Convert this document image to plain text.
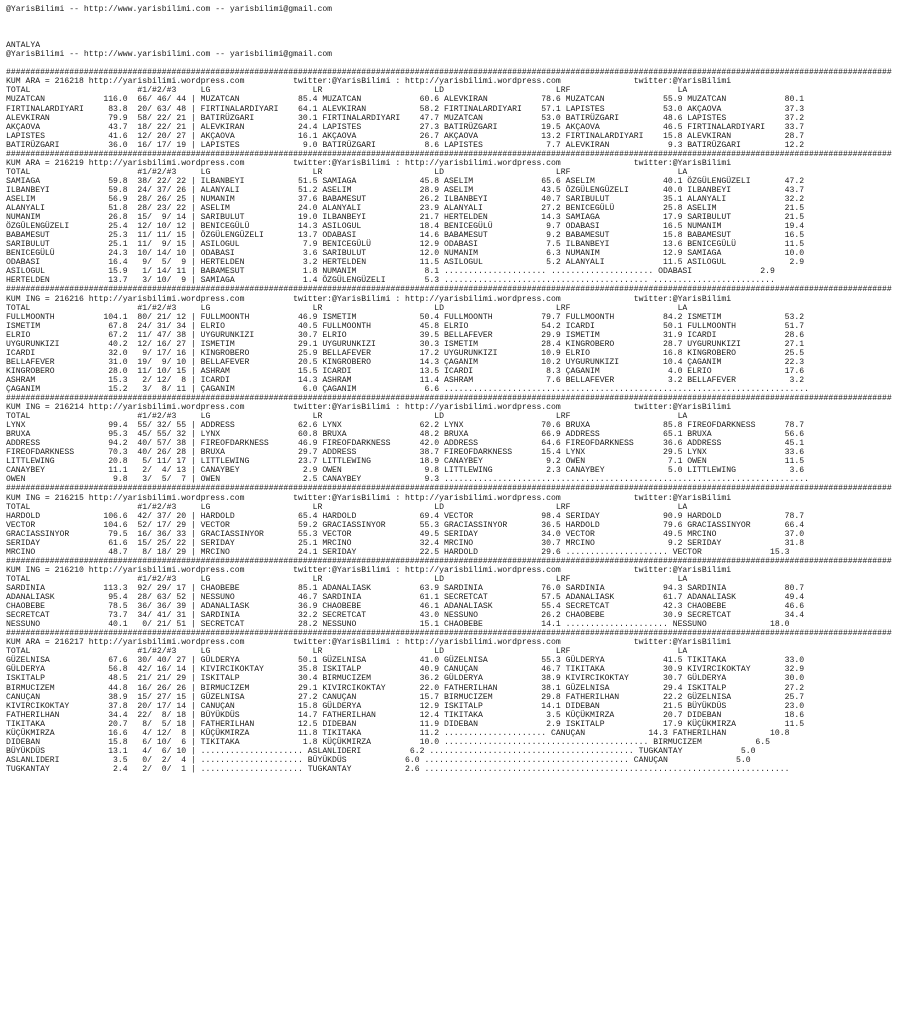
@YarisBilimi -- http://www.yarisbilimi.com -- yarisbilimi@gmail.com

ANTALYA
@YarisBilimi -- http://www.yarisbilimi.com -- yarisbilimi@gmail.com

######################################################################################################################################################################################
KUM ARA = 216218 http://yarisbilimi.wordpress.com          twitter:@YarisBilimi : http://yarisbilimi.wordpress.com               twitter:@YarisBilimi
TOTAL                      #1/#2/#3     LG                     LR                       LD                       LRF                      LA
MUZATCAN            116.0  66/ 46/ 44 | MUZATCAN            85.4 MUZATCAN            60.6 ALEVKIRAN           78.6 MUZATCAN            55.9 MUZATCAN            80.1
FIRTINALARDIYARI     83.8  20/ 63/ 48 | FIRTINALARDIYARI    64.1 ALEVKIRAN           58.2 FIRTINALARDIYARI    57.1 LAPISTES            53.0 AKÇAOVA             37.3
ALEVKIRAN            79.9  58/ 22/ 21 | BATIRÜZGARI         30.1 FIRTINALARDIYARI    47.7 MUZATCAN            53.0 BATIRÜZGARI         48.6 LAPISTES            37.2
AKÇAOVA              43.7  18/ 22/ 21 | ALEVKIRAN           24.4 LAPISTES            27.3 BATIRÜZGARI         19.5 AKÇAOVA             46.5 FIRTINALARDIYARI    33.7
LAPISTES             41.6  12/ 20/ 27 | AKÇAOVA             16.1 AKÇAOVA             26.7 AKÇAOVA             13.2 FIRTINALARDIYARI    15.8 ALEVKIRAN           28.7
BATIRÜZGARI          36.0  16/ 17/ 19 | LAPISTES             9.0 BATIRÜZGARI          8.6 LAPISTES             7.7 ALEVKIRAN            9.3 BATIRÜZGARI         12.2
######################################################################################################################################################################################
KUM ARA = 216219 http://yarisbilimi.wordpress.com          twitter:@YarisBilimi : http://yarisbilimi.wordpress.com               twitter:@YarisBilimi
TOTAL                      #1/#2/#3     LG                     LR                       LD                       LRF                      LA
SAMIAGA              59.8  38/ 22/ 22 | ILBANBEYI           51.5 SAMIAGA             45.8 ASELIM              65.6 ASELIM              40.1 ÖZGÜLENGÜZELI       47.2
ILBANBEYI            59.8  24/ 37/ 26 | ALANYALI            51.2 ASELIM              28.9 ASELIM              43.5 ÖZGÜLENGÜZELI       40.0 ILBANBEYI           43.7
ASELIM               56.9  28/ 26/ 25 | NUMANIM             37.6 BABAMESUT           26.2 ILBANBEYI           40.7 SARIBULUT           35.1 ALANYALI            32.2
ALANYALI             51.8  28/ 23/ 22 | ASELIM              24.0 ALANYALI            23.9 ALANYALI            27.2 BENICEGÜLÜ          25.8 ASELIM              21.5
NUMANIM              26.8  15/  9/ 14 | SARIBULUT           19.0 ILBANBEYI           21.7 HERTELDEN           14.3 SAMIAGA             17.9 SARIBULUT           21.5
ÖZGÜLENGÜZELI        25.4  12/ 10/ 12 | BENICEGÜLÜ          14.3 ASILOGUL            18.4 BENICEGÜLÜ           9.7 ODABASI             16.5 NUMANIM             19.4
BABAMESUT            25.3  11/ 11/ 15 | ÖZGÜLENGÜZELI       13.7 ODABASI             14.6 BABAMESUT            9.2 BABAMESUT           15.8 BABAMESUT           16.5
SARIBULUT            25.1  11/  9/ 15 | ASILOGUL             7.9 BENICEGÜLÜ          12.9 ODABASI              7.5 ILBANBEYI           13.6 BENICEGÜLÜ          11.5
BENICEGÜLÜ           24.3  10/ 14/ 10 | ODABASI              3.6 SARIBULUT           12.0 NUMANIM              6.3 NUMANIM             12.9 SAMIAGA             10.0
ODABASI              16.4   9/  5/  9 | HERTELDEN            3.2 HERTELDEN           11.5 ASILOGUL             5.2 ALANYALI            11.5 ASILOGUL             2.9
ASILOGUL             15.9   1/ 14/ 11 | BABAMESUT            1.8 NUMANIM              8.1 ..................... ..................... ODABASI              2.9
HERTELDEN            13.7   3/ 10/  9 | SAMIAGA              1.4 ÖZGÜLENGÜZELI        5.3 .......................................... .........................
######################################################################################################################################################################################
KUM ING = 216216 http://yarisbilimi.wordpress.com          twitter:@YarisBilimi : http://yarisbilimi.wordpress.com               twitter:@YarisBilimi
TOTAL                      #1/#2/#3     LG                     LR                       LD                       LRF                      LA
FULLMOONTH          104.1  80/ 21/ 12 | FULLMOONTH          46.9 ISMETIM             50.4 FULLMOONTH          79.7 FULLMOONTH          84.2 ISMETIM             53.2
ISMETIM              67.8  24/ 31/ 34 | ELRIO               40.5 FULLMOONTH          45.8 ELRIO               54.2 ICARDI              50.1 FULLMOONTH          51.7
ELRIO                67.2  11/ 47/ 38 | UYGURUNKIZI         30.7 ELRIO               39.5 BELLAFEVER          29.9 ISMETIM             31.9 ICARDI              28.6
UYGURUNKIZI          40.2  12/ 16/ 27 | ISMETIM             29.1 UYGURUNKIZI         30.3 ISMETIM             28.4 KINGROBERO          28.7 UYGURUNKIZI         27.1
ICARDI               32.0   9/ 17/ 16 | KINGROBERO          25.9 BELLAFEVER          17.2 UYGURUNKIZI         10.9 ELRIO               16.8 KINGROBERO          25.5
BELLAFEVER           31.0  19/  9/ 10 | BELLAFEVER          20.5 KINGROBERO          14.3 ÇAGANIM             10.2 UYGURUNKIZI         10.4 ÇAGANIM             22.3
KINGROBERO           28.0  11/ 10/ 15 | ASHRAM              15.5 ICARDI              13.5 ICARDI               8.3 ÇAGANIM              4.0 ELRIO               17.6
ASHRAM               15.3   2/ 12/  8 | ICARDI              14.3 ASHRAM              11.4 ASHRAM               7.6 BELLAFEVER           3.2 BELLAFEVER           3.2
ÇAGANIM              15.2   3/  8/ 11 | ÇAGANIM              6.0 ÇAGANIM              6.6 ...........................................................................
######################################################################################################################################################################################
KUM ING = 216214 http://yarisbilimi.wordpress.com          twitter:@YarisBilimi : http://yarisbilimi.wordpress.com               twitter:@YarisBilimi
TOTAL                      #1/#2/#3     LG                     LR                       LD                       LRF                      LA
LYNX                 99.4  55/ 32/ 55 | ADDRESS             62.6 LYNX                62.2 LYNX                70.6 BRUXA               85.8 FIREOFDARKNESS      78.7
BRUXA                95.3  45/ 55/ 32 | LYNX                60.8 BRUXA               48.2 BRUXA               66.9 ADDRESS             65.1 BRUXA               56.6
ADDRESS              94.2  40/ 57/ 38 | FIREOFDARKNESS      46.9 FIREOFDARKNESS      42.0 ADDRESS             64.6 FIREOFDARKNESS      36.6 ADDRESS             45.1
FIREOFDARKNESS       70.3  40/ 26/ 28 | BRUXA               29.7 ADDRESS             38.7 FIREOFDARKNESS      15.4 LYNX                29.5 LYNX                33.6
LITTLEWING           20.8   5/ 11/ 17 | LITTLEWING          23.7 LITTLEWING          18.9 CANAYBEY             9.2 OWEN                 7.1 OWEN                11.5
CANAYBEY             11.1   2/  4/ 13 | CANAYBEY             2.9 OWEN                 9.8 LITTLEWING           2.3 CANAYBEY             5.0 LITTLEWING           3.6
OWEN                  9.8   3/  5/  7 | OWEN                 2.5 CANAYBEY             9.3 ...........................................................................
######################################################################################################################################################################################
KUM ING = 216215 http://yarisbilimi.wordpress.com          twitter:@YarisBilimi : http://yarisbilimi.wordpress.com               twitter:@YarisBilimi
TOTAL                      #1/#2/#3     LG                     LR                       LD                       LRF                      LA
HARDOLD             106.6  42/ 37/ 20 | HARDOLD             65.4 HARDOLD             69.4 VECTOR              98.4 SERIDAY             90.9 HARDOLD             78.7
VECTOR              104.6  52/ 17/ 29 | VECTOR              59.2 GRACIASSINYOR       55.3 GRACIASSINYOR       36.5 HARDOLD             79.6 GRACIASSINYOR       66.4
GRACIASSINYOR        79.5  16/ 36/ 33 | GRACIASSINYOR       55.3 VECTOR              49.5 SERIDAY             34.0 VECTOR              49.5 MRCINO              37.0
SERIDAY              61.6  15/ 25/ 22 | SERIDAY             25.1 MRCINO              32.4 MRCINO              30.7 MRCINO               9.2 SERIDAY             31.8
MRCINO               48.7   8/ 18/ 29 | MRCINO              24.1 SERIDAY             22.5 HARDOLD             29.6 ..................... VECTOR              15.3
######################################################################################################################################################################################
KUM ING = 216210 http://yarisbilimi.wordpress.com          twitter:@YarisBilimi : http://yarisbilimi.wordpress.com               twitter:@YarisBilimi
TOTAL                      #1/#2/#3     LG                     LR                       LD                       LRF                      LA
SARDINIA            113.3  92/ 29/ 17 | CHAOBEBE            85.1 ADANALIASK          63.9 SARDINIA            76.0 SARDINIA            94.3 SARDINIA            80.7
ADANALIASK           95.4  28/ 63/ 52 | NESSUNO             46.7 SARDINIA            61.1 SECRETCAT           57.5 ADANALIASK          61.7 ADANALIASK          49.4
CHAOBEBE             78.5  36/ 36/ 39 | ADANALIASK          36.9 CHAOBEBE            46.1 ADANALIASK          55.4 SECRETCAT           42.3 CHAOBEBE            46.6
SECRETCAT            73.7  34/ 41/ 31 | SARDINIA            32.2 SECRETCAT           43.0 NESSUNO             26.2 CHAOBEBE            30.9 SECRETCAT           34.4
NESSUNO              40.1   0/ 21/ 51 | SECRETCAT           28.2 NESSUNO             15.1 CHAOBEBE            14.1 ..................... NESSUNO             18.0
######################################################################################################################################################################################
KUM ARA = 216217 http://yarisbilimi.wordpress.com          twitter:@YarisBilimi : http://yarisbilimi.wordpress.com               twitter:@YarisBilimi
TOTAL                      #1/#2/#3     LG                     LR                       LD                       LRF                      LA
GÜZELNISA            67.6  30/ 40/ 27 | GÜLDERYA            50.1 GÜZELNISA           41.0 GÜZELNISA           55.3 GÜLDERYA            41.5 TIKITAKA            33.0
GÜLDERYA             56.8  42/ 16/ 14 | KIVIRCIKOKTAY       35.8 ISKITALP            40.9 CANUÇAN             46.7 TIKITAKA            30.9 KIVIRCIKOKTAY       32.9
ISKITALP             48.5  21/ 21/ 29 | ISKITALP            30.4 BIRMUCIZEM          36.2 GÜLDERYA            38.9 KIVIRCIKOKTAY       30.7 GÜLDERYA            30.0
BIRMUCIZEM           44.8  16/ 26/ 26 | BIRMUCIZEM          29.1 KIVIRCIKOKTAY       22.0 FATHERILHAN         38.1 GÜZELNISA           29.4 ISKITALP            27.2
CANUÇAN              38.9  15/ 27/ 15 | GÜZELNISA           27.2 CANUÇAN             15.7 BIRMUCIZEM          29.8 FATHERILHAN         22.2 GÜZELNISA           25.7
KIVIRCIKOKTAY        37.8  20/ 17/ 14 | CANUÇAN             15.8 GÜLDERYA            12.9 ISKITALP            14.1 DIDEBAN             21.5 BÜYÜKDÜS            23.0
FATHERILHAN          34.4  22/  8/ 18 | BÜYÜKDÜS            14.7 FATHERILHAN         12.4 TIKITAKA             3.5 KÜÇÜKMIRZA          20.7 DIDEBAN             18.6
TIKITAKA             20.7   8/  5/ 18 | FATHERILHAN         12.5 DIDEBAN             11.9 DIDEBAN              2.9 ISKITALP            17.9 KÜÇÜKMIRZA          11.5
KÜÇÜKMIRZA           16.6   4/ 12/  8 | KÜÇÜKMIRZA          11.8 TIKITAKA            11.2 ..................... CANUÇAN             14.3 FATHERILHAN         10.8
DIDEBAN              15.8   6/ 10/  6 | TIKITAKA             1.8 KÜÇÜKMIRZA          10.0 .......................................... BIRMUCIZEM           6.5
BÜYÜKDÜS             13.1   4/  6/ 10 | ..................... ASLANLIDERI          6.2 .......................................... TUGKANTAY            5.0
ASLANLIDERI           3.5   0/  2/  4 | ..................... BÜYÜKDÜS            6.0 .......................................... CANUÇAN              5.0
TUGKANTAY             2.4   2/  0/  1 | ..................... TUGKANTAY           2.6 ...........................................................................
